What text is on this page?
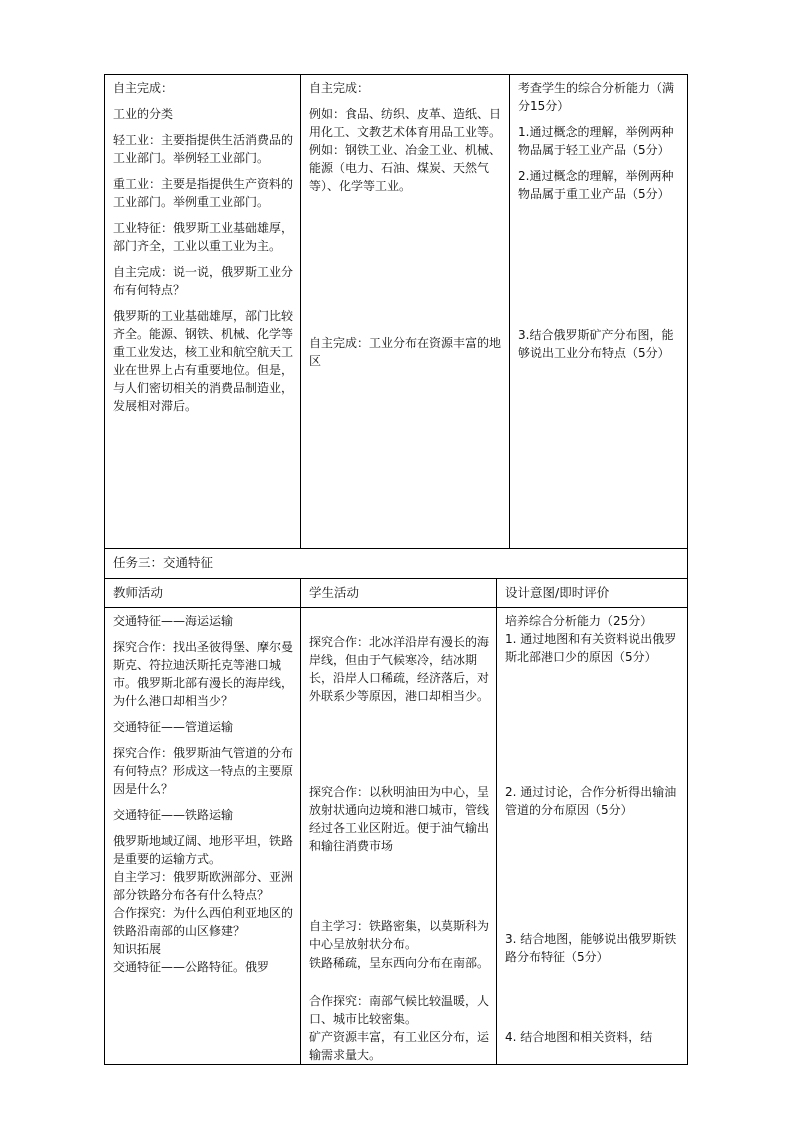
自主完成：

工业的分类

轻工业：主要指提供生活消费品的工业部门。举例轻工业部门。

重工业：主要是指提供生产资料的工业部门。举例重工业部门。

工业特征：俄罗斯工业基础雄厚，部门齐全，工业以重工业为主。

自主完成：说一说，俄罗斯工业分布有何特点？

俄罗斯的工业基础雄厚，部门比较齐全。能源、钢铁、机械、化学等重工业发达，核工业和航空航天工业在世界上占有重要地位。但是，与人们密切相关的消费品制造业，发展相对滞后。

自主完成：

例如：食品、纺织、皮革、造纸、日用化工、文教艺术体育用品工业等。

例如：钢铁工业、冶金工业、机械、能源（电力、石油、煤炭、天然气等）、化学等工业。

自主完成：工业分布在资源丰富的地区

考查学生的综合分析能力（满分15分）

1.通过概念的理解，举例两种物品属于轻工业产品（5分）

2.通过概念的理解，举例两种物品属于重工业产品（5分）

3.结合俄罗斯矿产分布图，能够说出工业分布特点（5分）

任务三：交通特征

教师活动	学生活动	设计意图/即时评价

交通特征——海运运输

探究合作：找出圣彼得堡、摩尔曼斯克、符拉迪沃斯托克等港口城市。俄罗斯北部有漫长的海岸线，为什么港口却相当少？

交通特征——管道运输

探究合作：俄罗斯油气管道的分布有何特点？形成这一特点的主要原因是什么？

交通特征——铁路运输

俄罗斯地域辽阔、地形平坦，铁路是重要的运输方式。

自主学习：俄罗斯欧洲部分、亚洲部分铁路分布各有什么特点？

合作探究：为什么西伯利亚地区的铁路沿南部的山区修建？

知识拓展

交通特征——公路特征。俄罗

探究合作：北冰洋沿岸有漫长的海岸线，但由于气候寒冷，结冰期长，沿岸人口稀疏，经济落后，对外联系少等原因，港口却相当少。

探究合作：以秋明油田为中心，呈放射状通向边境和港口城市，管线经过各工业区附近。便于油气输出和输往消费市场

自主学习：铁路密集，以莫斯科为中心呈放射状分布。

铁路稀疏，呈东西向分布在南部。

合作探究：南部气候比较温暖，人口、城市比较密集。

矿产资源丰富，有工业区分布，运输需求量大。

培养综合分析能力（25分）

1. 通过地图和有关资料说出俄罗斯北部港口少的原因（5分）

2. 通过讨论，合作分析得出输油管道的分布原因（5分）

3. 结合地图，能够说出俄罗斯铁路分布特征（5分）

4. 结合地图和相关资料，结
